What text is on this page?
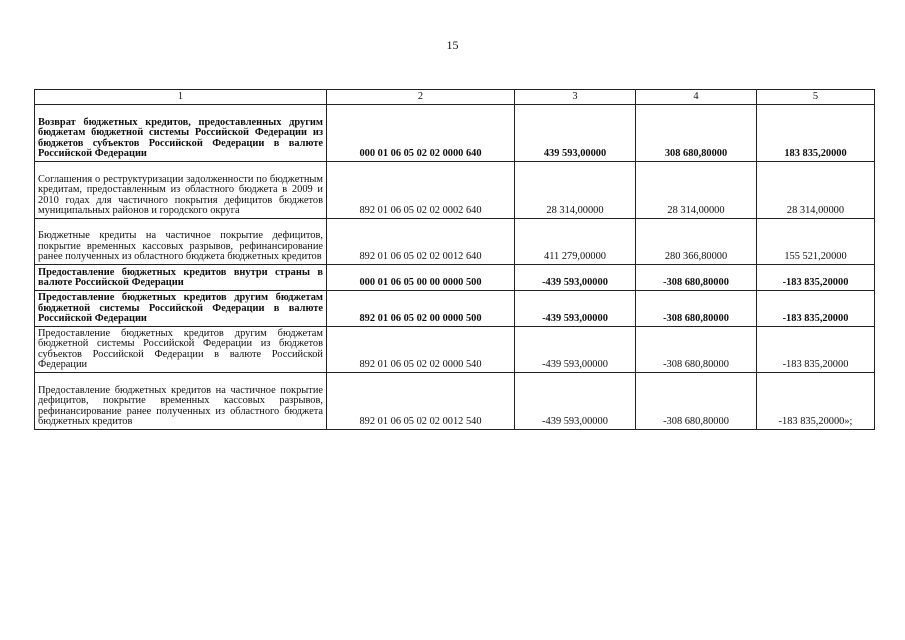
15
1	2	3	4	5
Возврат бюджетных кредитов, предоставленных другим бюджетам бюджетной системы Российской Федерации из бюджетов субъектов Российской Федерации в валюте Российской Федерации	000 01 06 05 02 02 0000 640	439 593,00000	308 680,80000	183 835,20000
Соглашения о реструктуризации задолженности по бюджетным кредитам, предоставленным из областного бюджета в 2009 и 2010 годах для частичного покрытия дефицитов бюджетов муниципальных районов и городского округа	892 01 06 05 02 02 0002 640	28 314,00000	28 314,00000	28 314,00000
Бюджетные кредиты на частичное покрытие дефицитов, покрытие временных кассовых разрывов, рефинансирование ранее полученных из областного бюджета бюджетных кредитов	892 01 06 05 02 02 0012 640	411 279,00000	280 366,80000	155 521,20000
Предоставление бюджетных кредитов внутри страны в валюте Российской Федерации	000 01 06 05 00 00 0000 500	-439 593,00000	-308 680,80000	-183 835,20000
Предоставление бюджетных кредитов другим бюджетам бюджетной системы Российской Федерации в валюте Российской Федерации	892 01 06 05 02 00 0000 500	-439 593,00000	-308 680,80000	-183 835,20000
Предоставление бюджетных кредитов другим бюджетам бюджетной системы Российской Федерации из бюджетов субъектов Российской Федерации в валюте Российской Федерации	892 01 06 05 02 02 0000 540	-439 593,00000	-308 680,80000	-183 835,20000
Предоставление бюджетных кредитов на частичное покрытие дефицитов, покрытие временных кассовых разрывов, рефинансирование ранее полученных из областного бюджета бюджетных кредитов	892 01 06 05 02 02 0012 540	-439 593,00000	-308 680,80000	-183 835,20000»;
